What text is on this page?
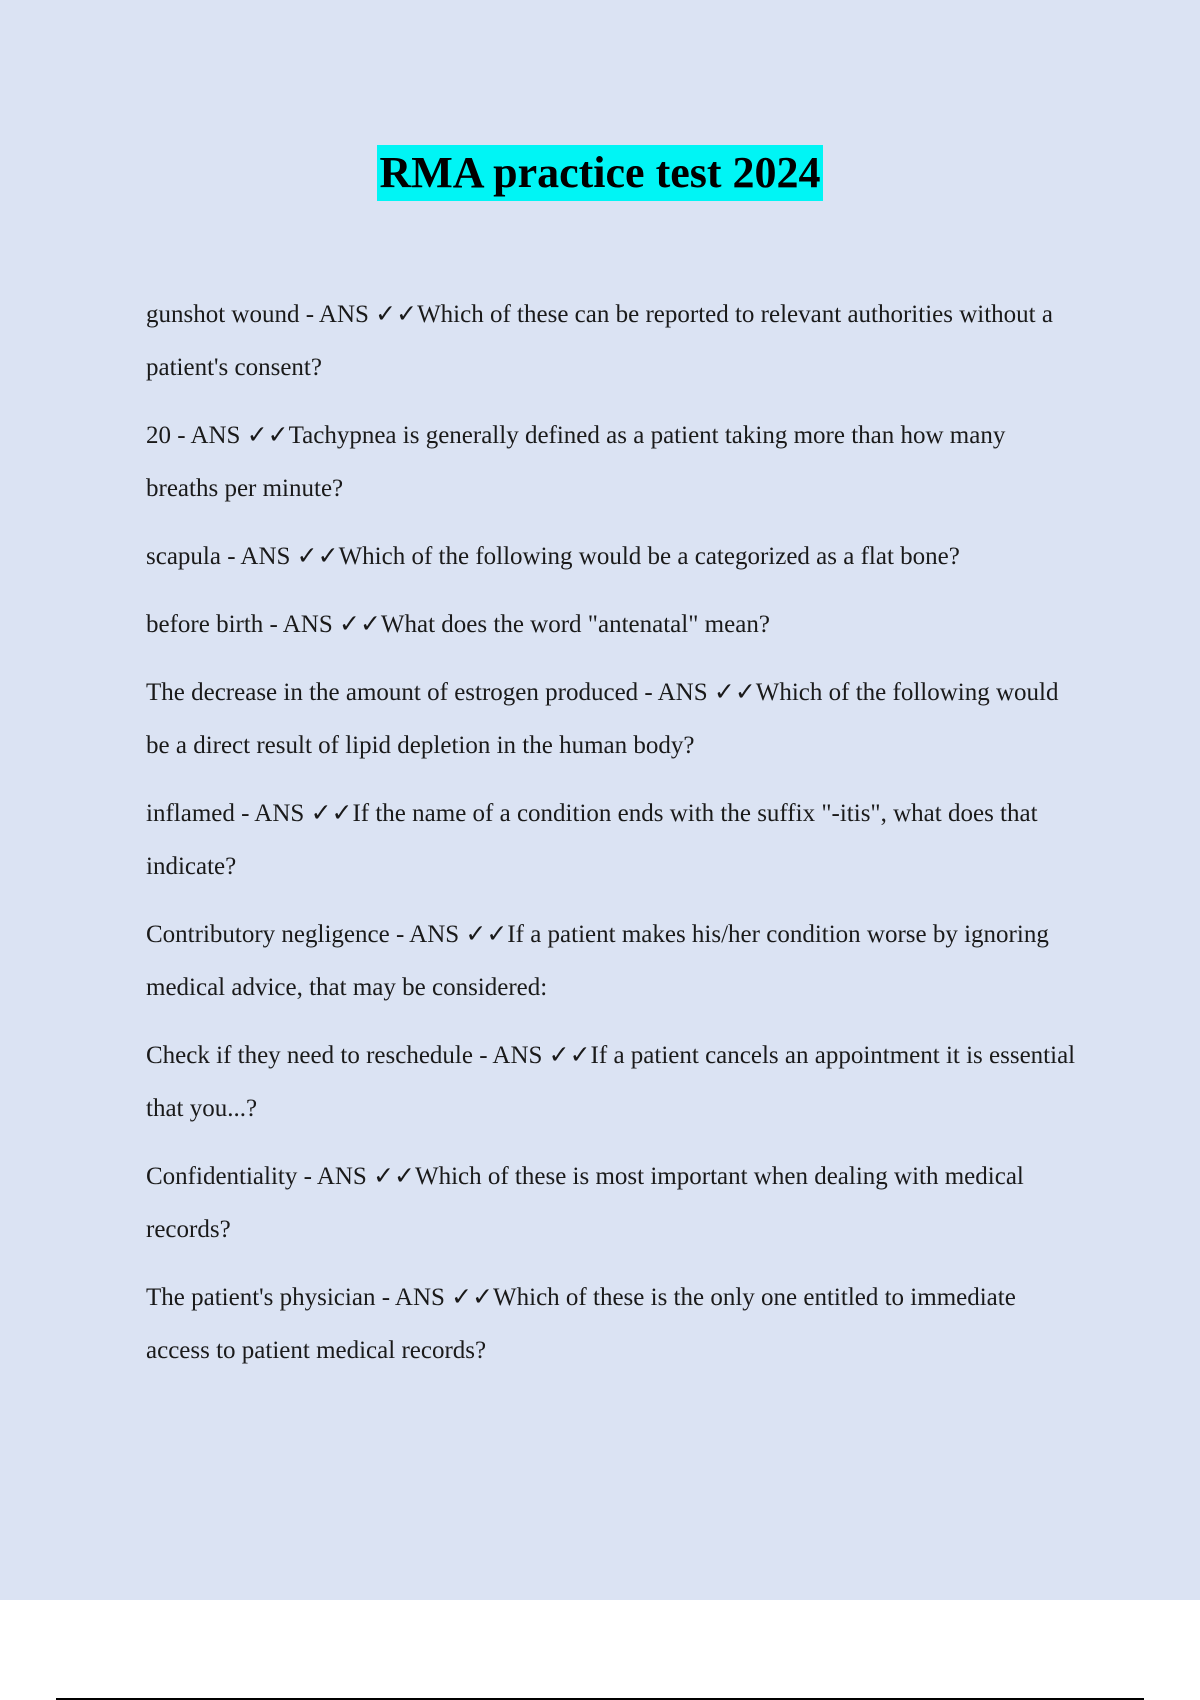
RMA practice test 2024

gunshot wound - ANS ✓✓Which of these can be reported to relevant authorities without a patient's consent?

20 - ANS ✓✓Tachypnea is generally defined as a patient taking more than how many breaths per minute?

scapula - ANS ✓✓Which of the following would be a categorized as a flat bone?

before birth - ANS ✓✓What does the word "antenatal" mean?

The decrease in the amount of estrogen produced - ANS ✓✓Which of the following would be a direct result of lipid depletion in the human body?

inflamed - ANS ✓✓If the name of a condition ends with the suffix "-itis", what does that indicate?

Contributory negligence - ANS ✓✓If a patient makes his/her condition worse by ignoring medical advice, that may be considered:

Check if they need to reschedule - ANS ✓✓If a patient cancels an appointment it is essential that you...?

Confidentiality - ANS ✓✓Which of these is most important when dealing with medical records?

The patient's physician - ANS ✓✓Which of these is the only one entitled to immediate access to patient medical records?
